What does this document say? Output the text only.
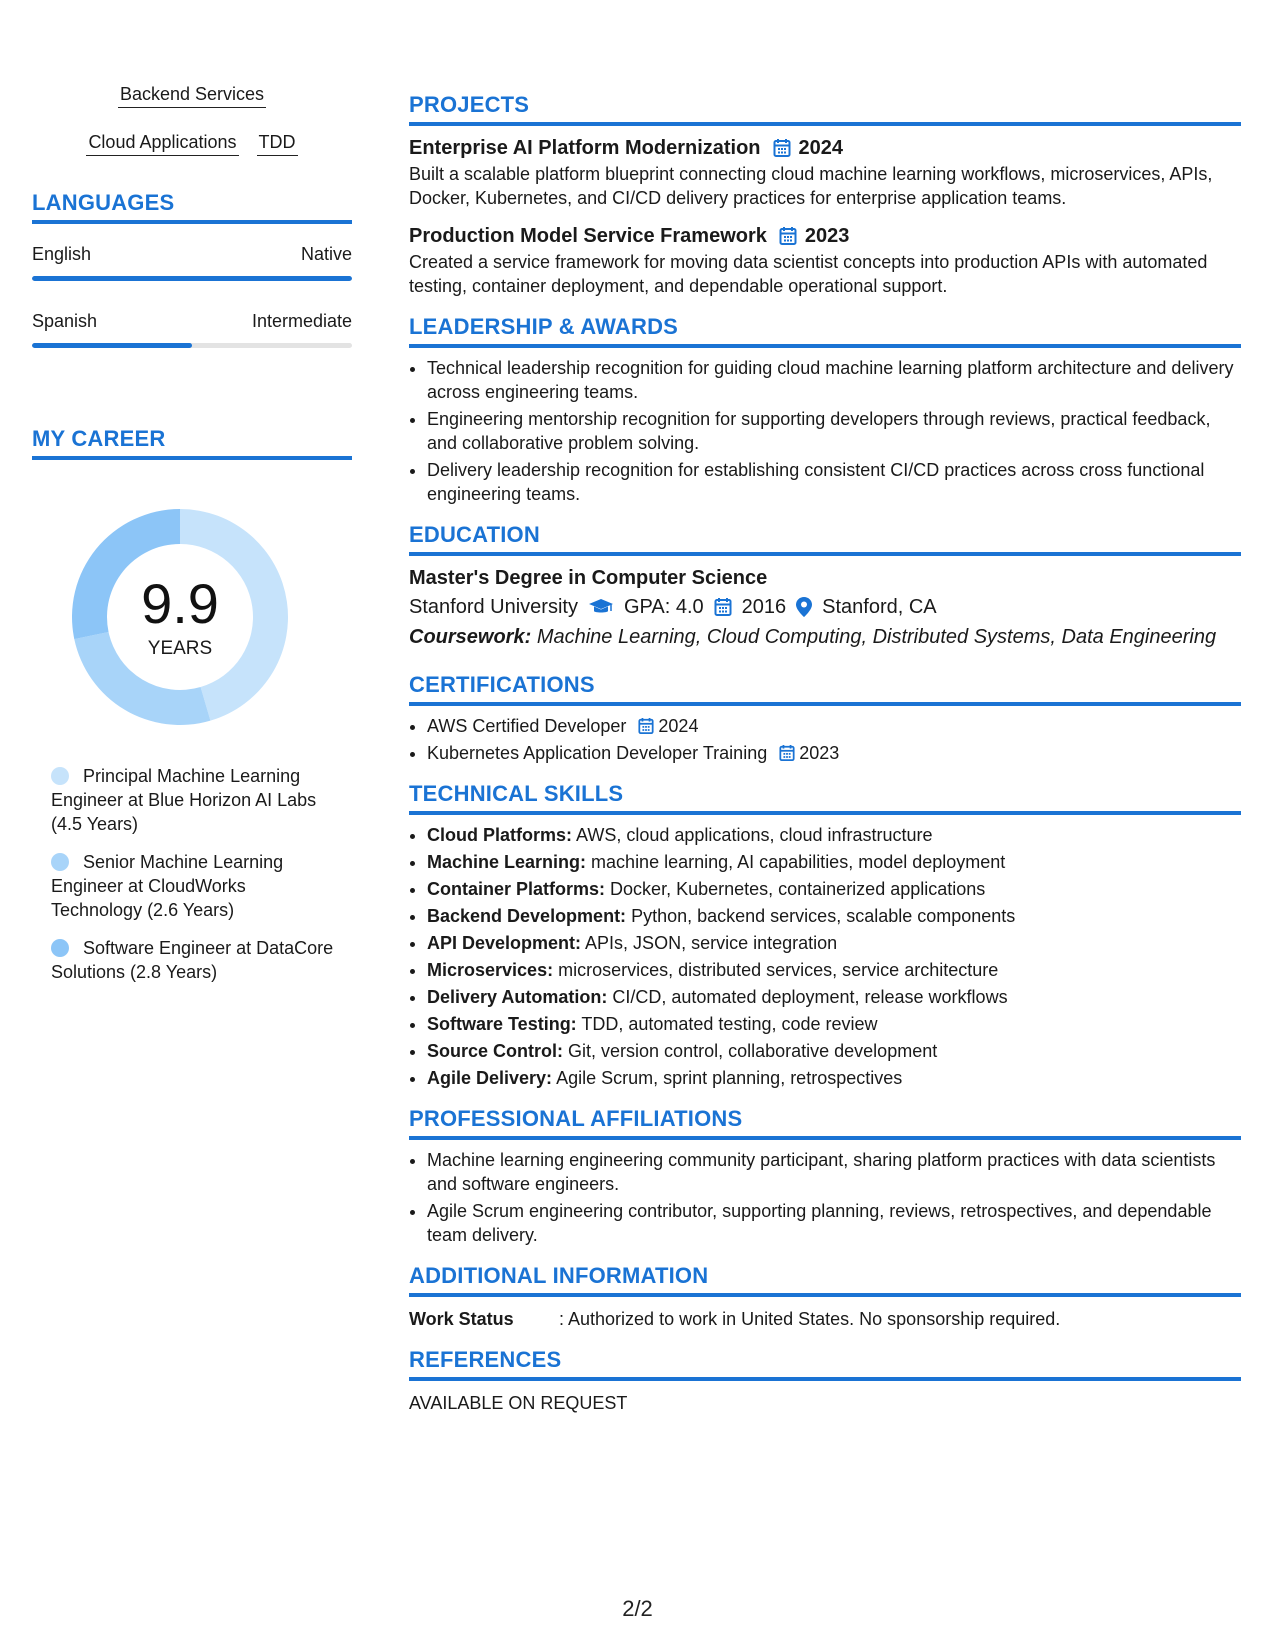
Backend Services
Cloud Applications TDD
LANGUAGES
English	Native
Spanish	Intermediate
MY CAREER
9.9
YEARS
Principal Machine Learning Engineer at Blue Horizon AI Labs (4.5 Years)
Senior Machine Learning Engineer at CloudWorks Technology (2.6 Years)
Software Engineer at DataCore Solutions (2.8 Years)
PROJECTS
Enterprise AI Platform Modernization 2024
Built a scalable platform blueprint connecting cloud machine learning workflows, microservices, APIs, Docker, Kubernetes, and CI/CD delivery practices for enterprise application teams.
Production Model Service Framework 2023
Created a service framework for moving data scientist concepts into production APIs with automated testing, container deployment, and dependable operational support.
LEADERSHIP & AWARDS
• Technical leadership recognition for guiding cloud machine learning platform architecture and delivery across engineering teams.
• Engineering mentorship recognition for supporting developers through reviews, practical feedback, and collaborative problem solving.
• Delivery leadership recognition for establishing consistent CI/CD practices across cross functional engineering teams.
EDUCATION
Master's Degree in Computer Science
Stanford University GPA: 4.0 2016 Stanford, CA
Coursework: Machine Learning, Cloud Computing, Distributed Systems, Data Engineering
CERTIFICATIONS
• AWS Certified Developer 2024
• Kubernetes Application Developer Training 2023
TECHNICAL SKILLS
• Cloud Platforms: AWS, cloud applications, cloud infrastructure
• Machine Learning: machine learning, AI capabilities, model deployment
• Container Platforms: Docker, Kubernetes, containerized applications
• Backend Development: Python, backend services, scalable components
• API Development: APIs, JSON, service integration
• Microservices: microservices, distributed services, service architecture
• Delivery Automation: CI/CD, automated deployment, release workflows
• Software Testing: TDD, automated testing, code review
• Source Control: Git, version control, collaborative development
• Agile Delivery: Agile Scrum, sprint planning, retrospectives
PROFESSIONAL AFFILIATIONS
• Machine learning engineering community participant, sharing platform practices with data scientists and software engineers.
• Agile Scrum engineering contributor, supporting planning, reviews, retrospectives, and dependable team delivery.
ADDITIONAL INFORMATION
Work Status	: Authorized to work in United States. No sponsorship required.
REFERENCES
AVAILABLE ON REQUEST
2/2
